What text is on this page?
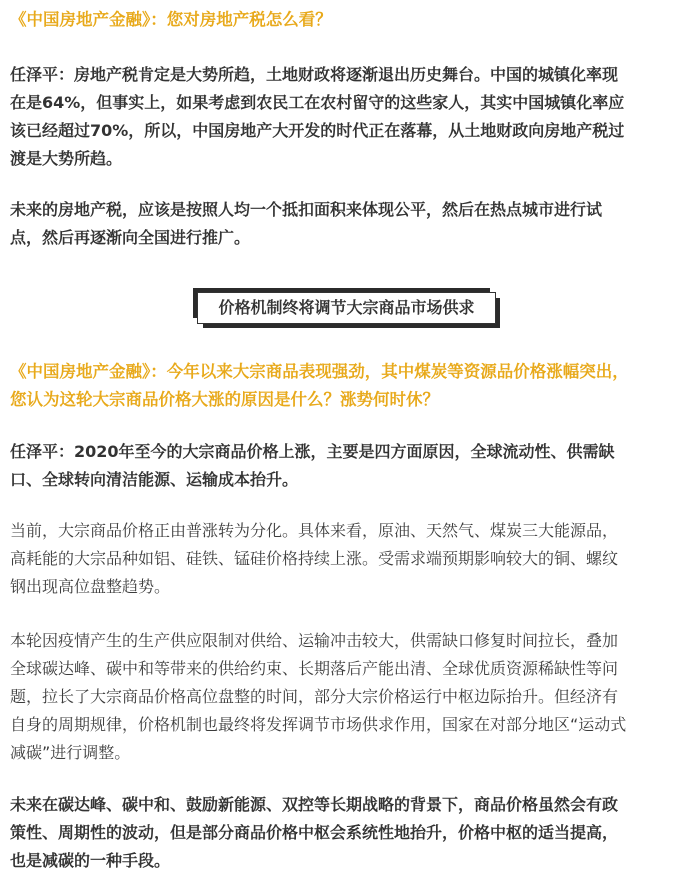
《中国房地产金融》：您对房地产税怎么看？

任泽平：房地产税肯定是大势所趋，土地财政将逐渐退出历史舞台。中国的城镇化率现

在是64%，但事实上，如果考虑到农民工在农村留守的这些家人，其实中国城镇化率应

该已经超过70%，所以，中国房地产大开发的时代正在落幕，从土地财政向房地产税过

渡是大势所趋。

未来的房地产税，应该是按照人均一个抵扣面积来体现公平，然后在热点城市进行试

点，然后再逐渐向全国进行推广。

价格机制终将调节大宗商品市场供求

《中国房地产金融》：今年以来大宗商品表现强劲，其中煤炭等资源品价格涨幅突出，

您认为这轮大宗商品价格大涨的原因是什么？涨势何时休？

任泽平：2020年至今的大宗商品价格上涨，主要是四方面原因，全球流动性、供需缺

口、全球转向清洁能源、运输成本抬升。

当前，大宗商品价格正由普涨转为分化。具体来看，原油、天然气、煤炭三大能源品，

高耗能的大宗品种如铝、硅铁、锰硅价格持续上涨。受需求端预期影响较大的铜、螺纹

钢出现高位盘整趋势。

本轮因疫情产生的生产供应限制对供给、运输冲击较大，供需缺口修复时间拉长，叠加

全球碳达峰、碳中和等带来的供给约束、长期落后产能出清、全球优质资源稀缺性等问

题，拉长了大宗商品价格高位盘整的时间，部分大宗价格运行中枢边际抬升。但经济有

自身的周期规律，价格机制也最终将发挥调节市场供求作用，国家在对部分地区“运动式

减碳”进行调整。

未来在碳达峰、碳中和、鼓励新能源、双控等长期战略的背景下，商品价格虽然会有政

策性、周期性的波动，但是部分商品价格中枢会系统性地抬升，价格中枢的适当提高，

也是减碳的一种手段。
